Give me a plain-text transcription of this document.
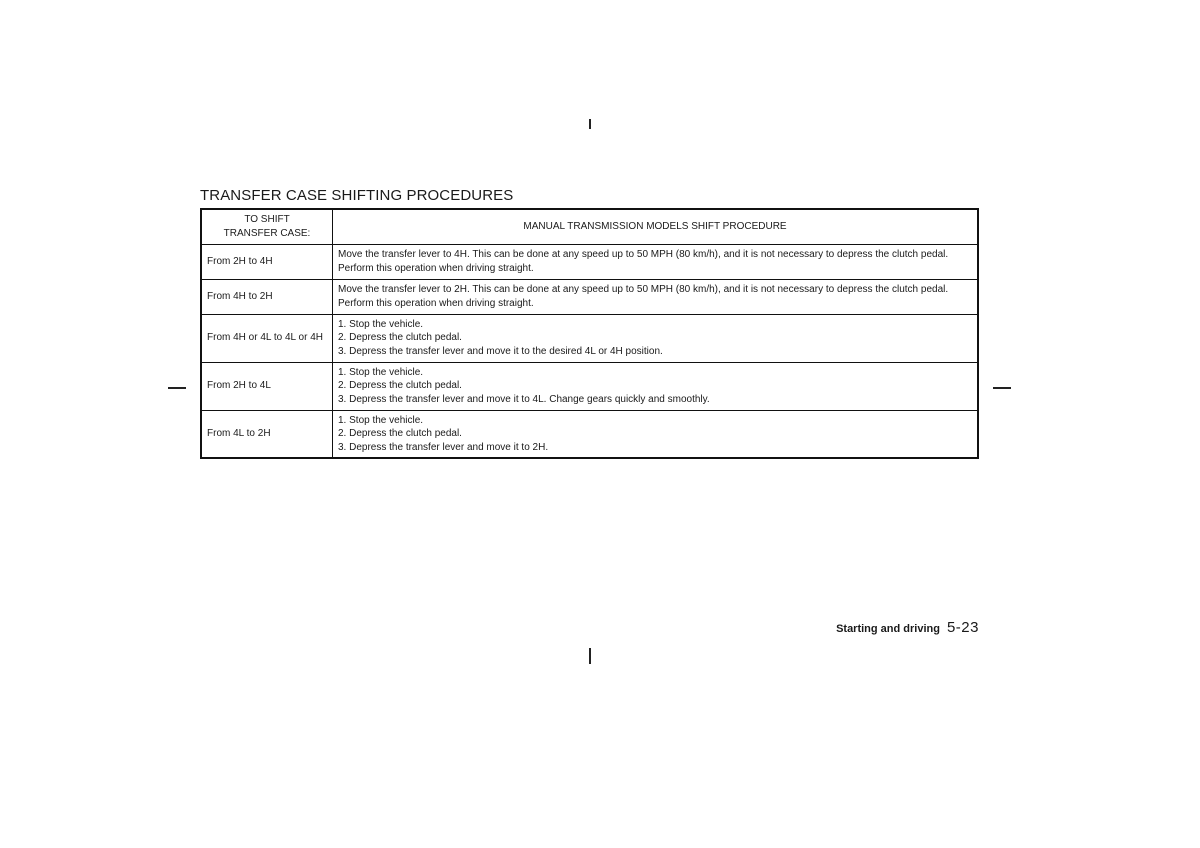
TRANSFER CASE SHIFTING PROCEDURES
TO SHIFT
TRANSFER CASE:	MANUAL TRANSMISSION MODELS SHIFT PROCEDURE
From 2H to 4H	Move the transfer lever to 4H. This can be done at any speed up to 50 MPH (80 km/h), and it is not necessary to depress the clutch pedal. Perform this operation when driving straight.
From 4H to 2H	Move the transfer lever to 2H. This can be done at any speed up to 50 MPH (80 km/h), and it is not necessary to depress the clutch pedal. Perform this operation when driving straight.
From 4H or 4L to 4L or 4H	1. Stop the vehicle.
2. Depress the clutch pedal.
3. Depress the transfer lever and move it to the desired 4L or 4H position.

From 2H to 4L	1. Stop the vehicle.
2. Depress the clutch pedal.
3. Depress the transfer lever and move it to 4L. Change gears quickly and smoothly.

From 4L to 2H	1. Stop the vehicle.
2. Depress the clutch pedal.
3. Depress the transfer lever and move it to 2H.
Starting and driving 5-23
